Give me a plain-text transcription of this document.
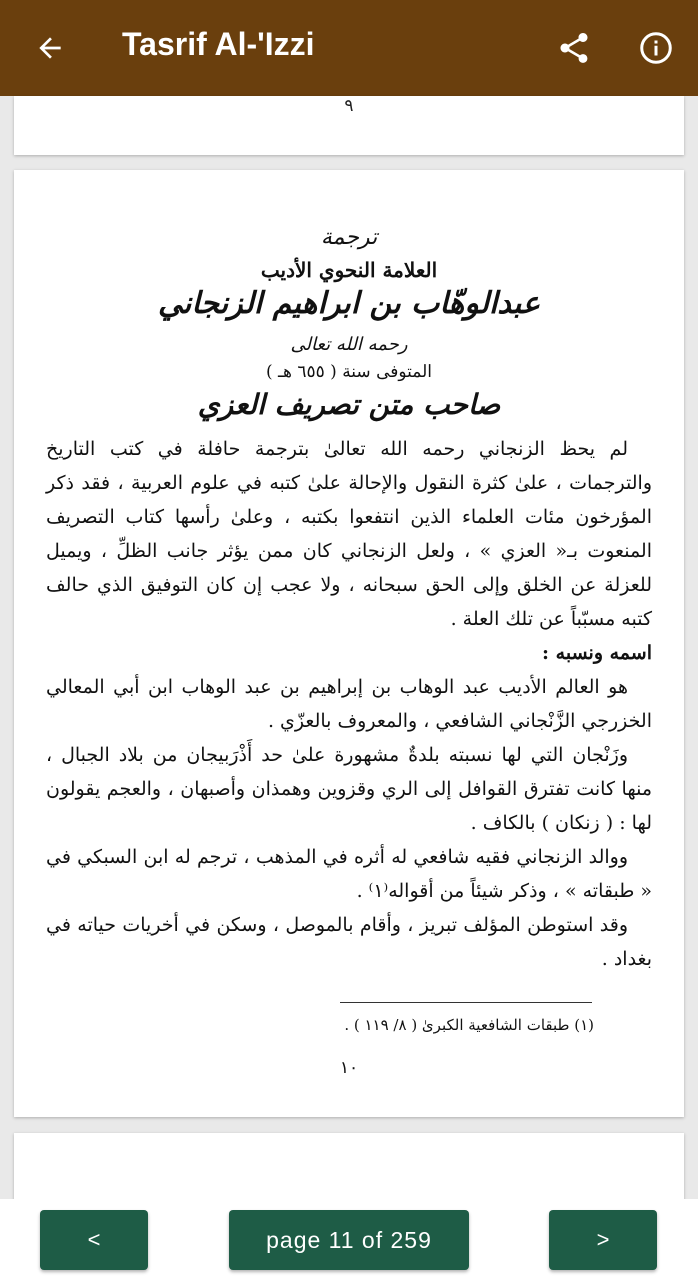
Tasrif Al-'Izzi
٩
ترجمة
العلامة النحوي الأديب
عبدالوهّاب بن ابراهيم الزنجاني
رحمه الله تعالى
المتوفى سنة ( ٦٥٥ هـ )
صاحب متن تصريف العزي

لم يحظ الزنجاني رحمه الله تعالىٰ بترجمة حافلة في كتب التاريخ والترجمات ، علىٰ كثرة النقول والإحالة علىٰ كتبه في علوم العربية ، فقد ذكر المؤرخون مئات العلماء الذين انتفعوا بكتبه ، وعلىٰ رأسها كتاب التصريف المنعوت بـ« العزي » ، ولعل الزنجاني كان ممن يؤثر جانب الظلِّ ، ويميل للعزلة عن الخلق وإلى الحق سبحانه ، ولا عجب إن كان التوفيق الذي حالف كتبه مسبّباً عن تلك العلة .

اسمه ونسبه :

هو العالم الأديب عبد الوهاب بن إبراهيم بن عبد الوهاب ابن أبي المعالي الخزرجي الزَّنْجاني الشافعي ، والمعروف بالعزّي .

وزَنْجان التي لها نسبته بلدةٌ مشهورة علىٰ حد أَذْرَبيجان من بلاد الجبال ، منها كانت تفترق القوافل إلى الري وقزوين وهمذان وأصبهان ، والعجم يقولون لها : ( زنكان ) بالكاف .

ووالد الزنجاني فقيه شافعي له أثره في المذهب ، ترجم له ابن السبكي في « طبقاته » ، وذكر شيئاً من أقواله⁽١⁾ .

وقد استوطن المؤلف تبريز ، وأقام بالموصل ، وسكن في أخريات حياته في بغداد .

(١) طبقات الشافعية الكبرىٰ ( ٨/ ١١٩ ) .
١٠
<	page 11 of 259	>
